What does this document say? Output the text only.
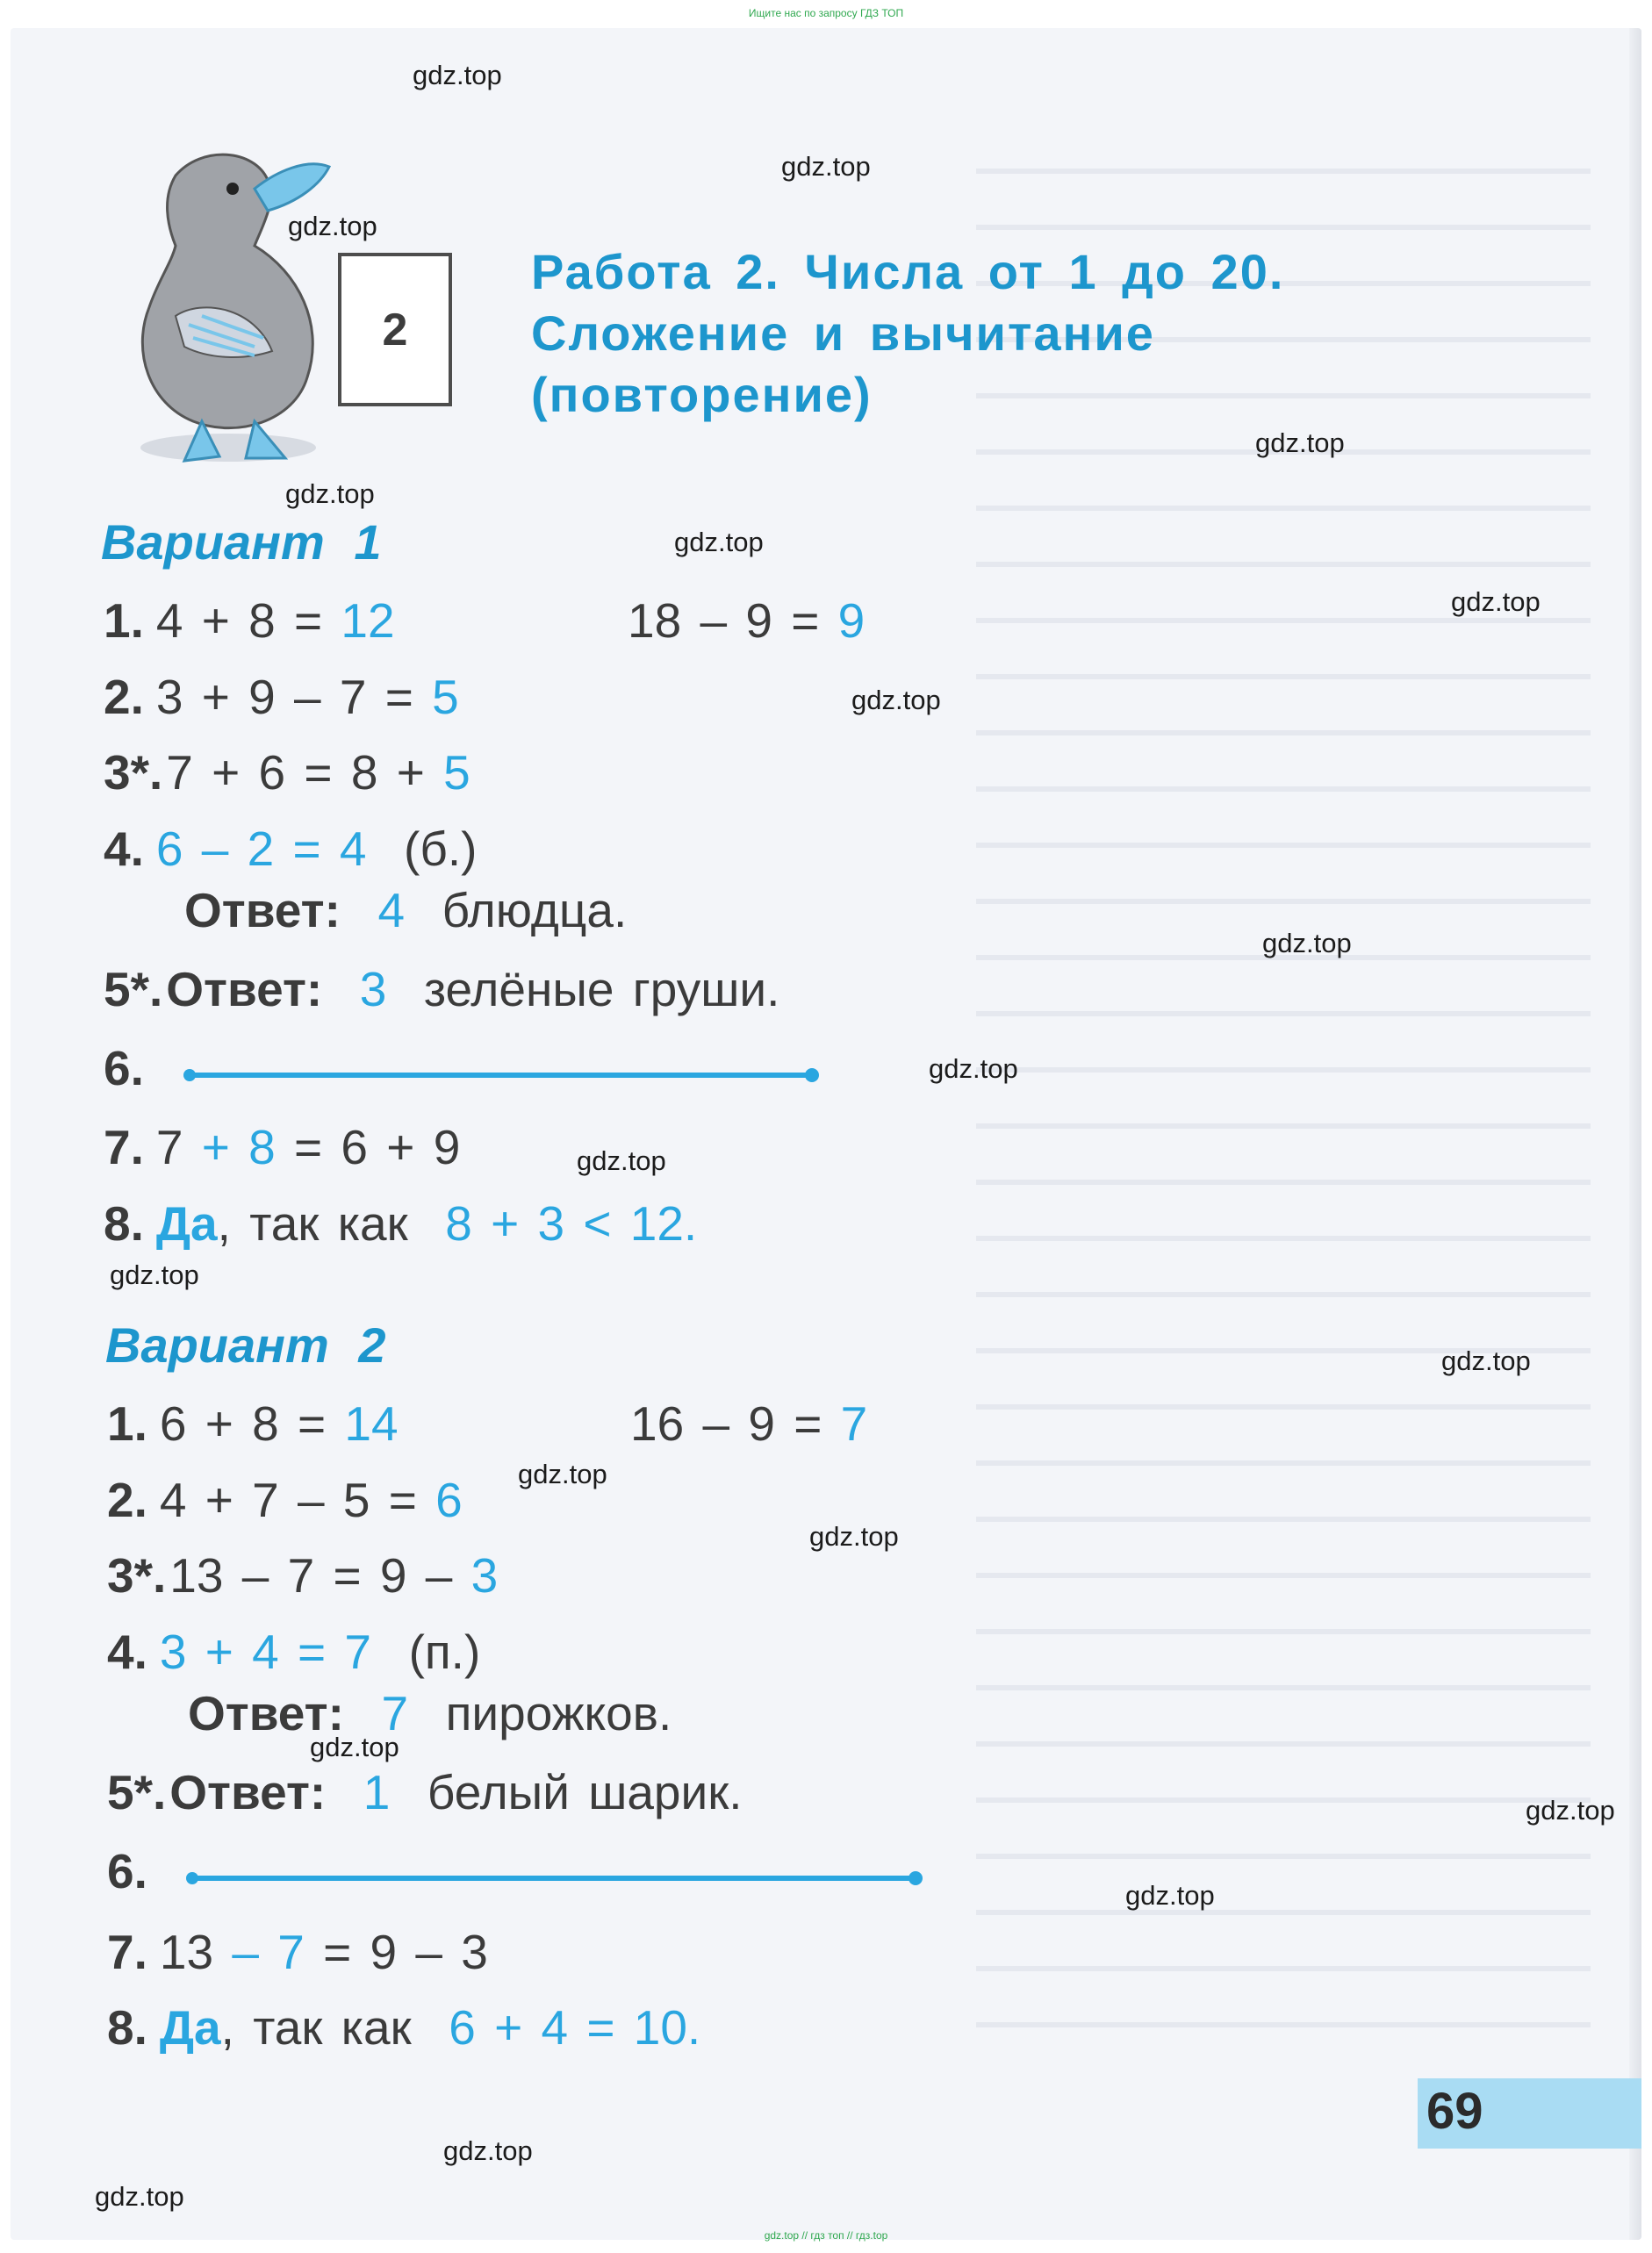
Ищите нас по запросу ГДЗ ТОП
2
Работа 2. Числа от 1 до 20.
Сложение и вычитание
(повторение)
Вариант 1
1. 4 + 8 = 12	18 – 9 = 9
2. 3 + 9 – 7 = 5
3*.7 + 6 = 8 + 5
4. 6 – 2 = 4 (б.)
Ответ: 4 блюдца.
5*.Ответ: 3 зелёные груши.
6.
7. 7 + 8 = 6 + 9
8. Да, так как 8 + 3 < 12.
Вариант 2
1. 6 + 8 = 14	16 – 9 = 7
2. 4 + 7 – 5 = 6
3*.13 – 7 = 9 – 3
4. 3 + 4 = 7 (п.)
Ответ: 7 пирожков.
5*.Ответ: 1 белый шарик.
6.
7. 13 – 7 = 9 – 3
8. Да, так как 6 + 4 = 10.
69
gdz.top
gdz.top
gdz.top
gdz.top
gdz.top
gdz.top
gdz.top
gdz.top
gdz.top
gdz.top
gdz.top
gdz.top
gdz.top
gdz.top
gdz.top
gdz.top
gdz.top
gdz.top
gdz.top
gdz.top
gdz.top // гдз топ // гдз.top
